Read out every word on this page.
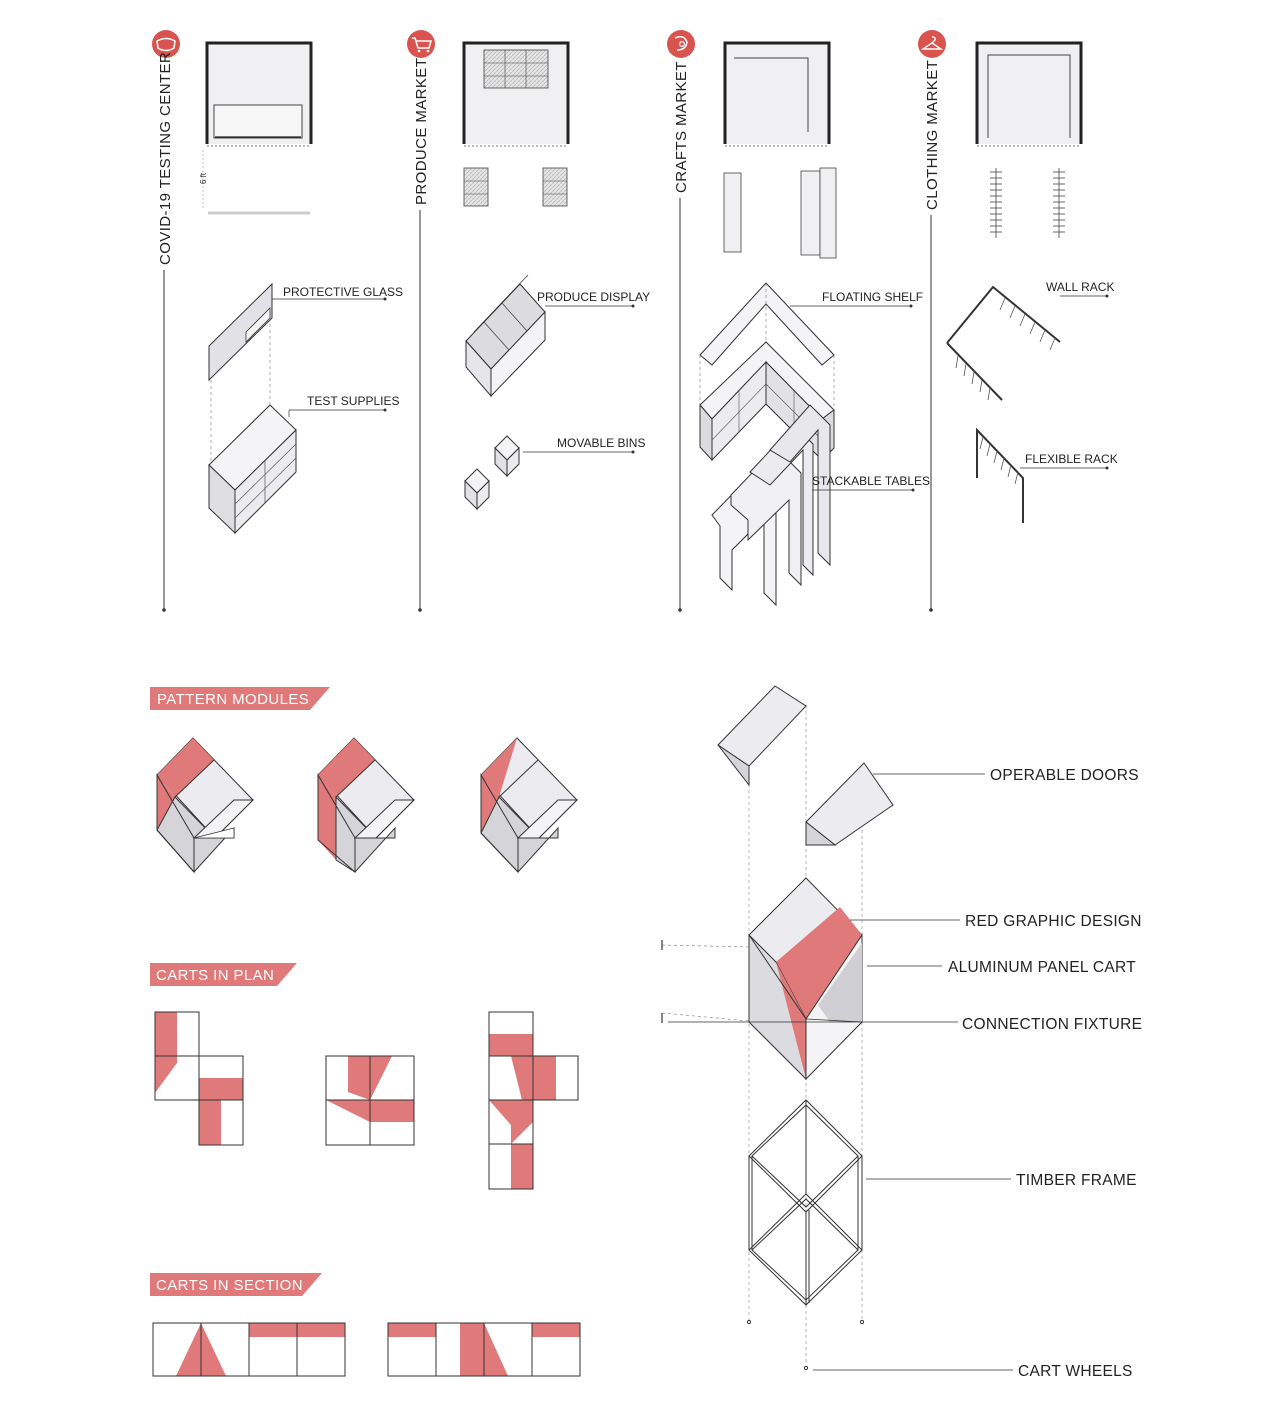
COVID-19 TESTING CENTER	6 ft
PROTECTIVE GLASS
TEST SUPPLIES
PRODUCE MARKET
PRODUCE DISPLAY
MOVABLE BINS
CRAFTS MARKET
FLOATING SHELF
STACKABLE TABLES
CLOTHING MARKET
WALL RACK
FLEXIBLE RACK
PATTERN MODULES
CARTS IN PLAN
CARTS IN SECTION
OPERABLE DOORS
RED GRAPHIC DESIGN
ALUMINUM PANEL CART
CONNECTION FIXTURE
TIMBER FRAME
CART WHEELS
